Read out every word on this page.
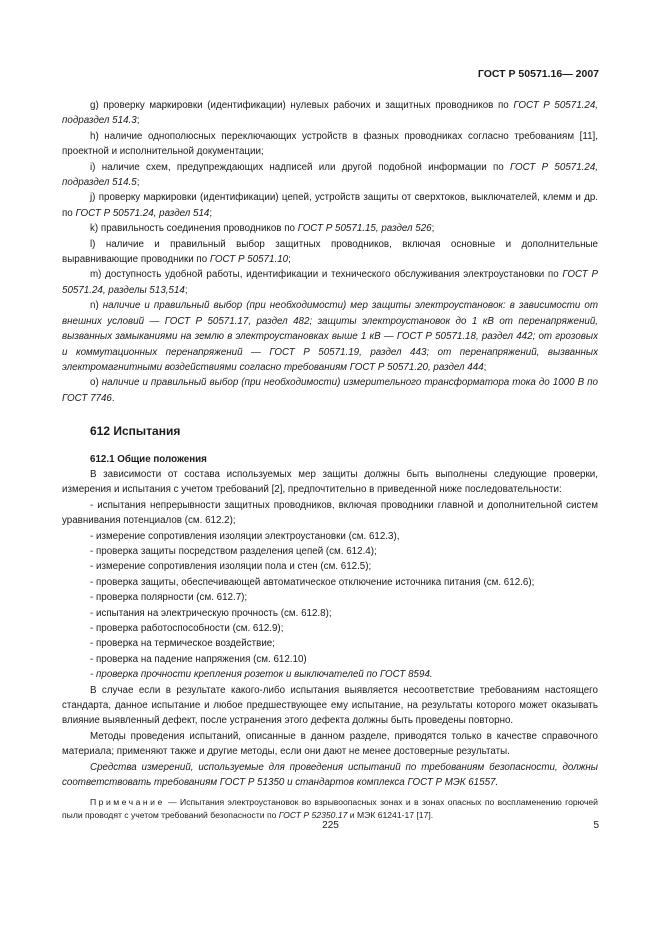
ГОСТ Р 50571.16— 2007

g) проверку маркировки (идентификации) нулевых рабочих и защитных проводников по ГОСТ Р 50571.24, подраздел 514.3;

h) наличие однополюсных переключающих устройств в фазных проводниках согласно требованиям [11], проектной и исполнительной документации;

i) наличие схем, предупреждающих надписей или другой подобной информации по ГОСТ Р 50571.24, подраздел 514.5;

j) проверку маркировки (идентификации) цепей, устройств защиты от сверхтоков, выключателей, клемм и др. по ГОСТ Р 50571.24, раздел 514;

k) правильность соединения проводников по ГОСТ Р 50571.15, раздел 526;

l) наличие и правильный выбор защитных проводников, включая основные и дополнительные выравнивающие проводники по ГОСТ Р 50571.10;

m) доступность удобной работы, идентификации и технического обслуживания электроустановки по ГОСТ Р 50571.24, разделы 513,514;

n) наличие и правильный выбор (при необходимости) мер защиты электроустановок: в зависимости от внешних условий — ГОСТ Р 50571.17, раздел 482; защиты электроустановок до 1 кВ от перенапряжений, вызванных замыканиями на землю в электроустановках выше 1 кВ — ГОСТ Р 50571.18, раздел 442; от грозовых и коммутационных перенапряжений — ГОСТ Р 50571.19, раздел 443; от перенапряжений, вызванных электромагнитными воздействиями согласно требованиям ГОСТ Р 50571.20, раздел 444;

о) наличие и правильный выбор (при необходимости) измерительного трансформатора тока до 1000 В по ГОСТ 7746.

612 Испытания

612.1 Общие положения

В зависимости от состава используемых мер защиты должны быть выполнены следующие проверки, измерения и испытания с учетом требований [2], предпочтительно в приведенной ниже последовательности:

- испытания непрерывности защитных проводников, включая проводники главной и дополнительной систем уравнивания потенциалов (см. 612.2);

- измерение сопротивления изоляции электроустановки (см. 612.3),

- проверка защиты посредством разделения цепей (см. 612.4);

- измерение сопротивления изоляции пола и стен (см. 612.5);

- проверка защиты, обеспечивающей автоматическое отключение источника питания (см. 612.6);

- проверка полярности (см. 612.7);

- испытания на электрическую прочность (см. 612.8);

- проверка работоспособности (см. 612.9);

- проверка на термическое воздействие;

- проверка на падение напряжения (см. 612.10)

- проверка прочности крепления розеток и выключателей по ГОСТ 8594.

В случае если в результате какого-либо испытания выявляется несоответствие требованиям настоящего стандарта, данное испытание и любое предшествующее ему испытание, на результаты которого может оказывать влияние выявленный дефект, после устранения этого дефекта должны быть проведены повторно.

Методы проведения испытаний, описанные в данном разделе, приводятся только в качестве справочного материала; применяют также и другие методы, если они дают не менее достоверные результаты.

Средства измерений, используемые для проведения испытаний по требованиям безопасности, должны соответствовать требованиям ГОСТ Р 51350 и стандартов комплекса ГОСТ Р МЭК 61557.

Примечание — Испытания электроустановок во взрывоопасных зонах и в зонах опасных по воспламенению горючей пыли проводят с учетом требований безопасности по ГОСТ Р 52350.17 и МЭК 61241-17 [17].

225	5
